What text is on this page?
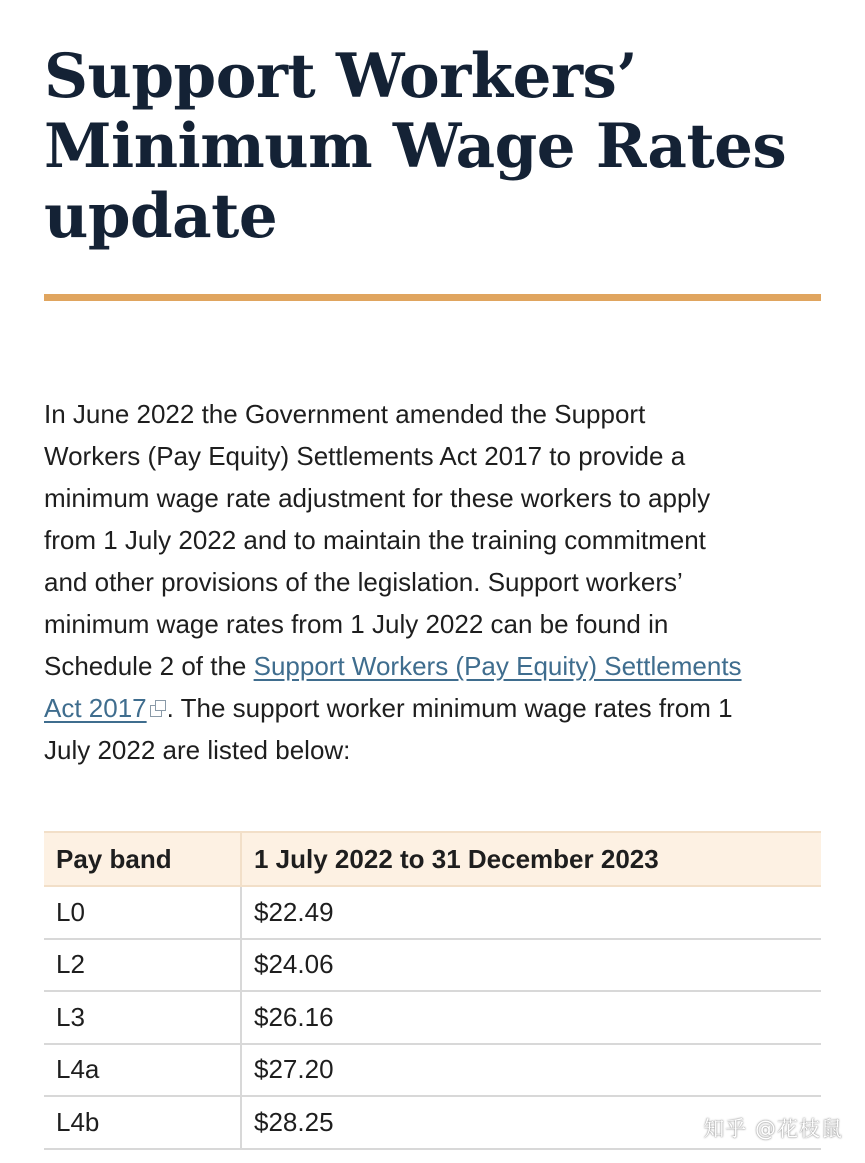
Support Workers’
Minimum Wage Rates
update

In June 2022 the Government amended the Support
Workers (Pay Equity) Settlements Act 2017 to provide a
minimum wage rate adjustment for these workers to apply
from 1 July 2022 and to maintain the training commitment
and other provisions of the legislation. Support workers’
minimum wage rates from 1 July 2022 can be found in
Schedule 2 of the Support Workers (Pay Equity) Settlements
Act 2017 . The support worker minimum wage rates from 1
July 2022 are listed below:

Pay band	1 July 2022 to 31 December 2023
L0	$22.49
L2	$24.06
L3	$26.16
L4a	$27.20
L4b	$28.25	知乎 @花枝鼠
